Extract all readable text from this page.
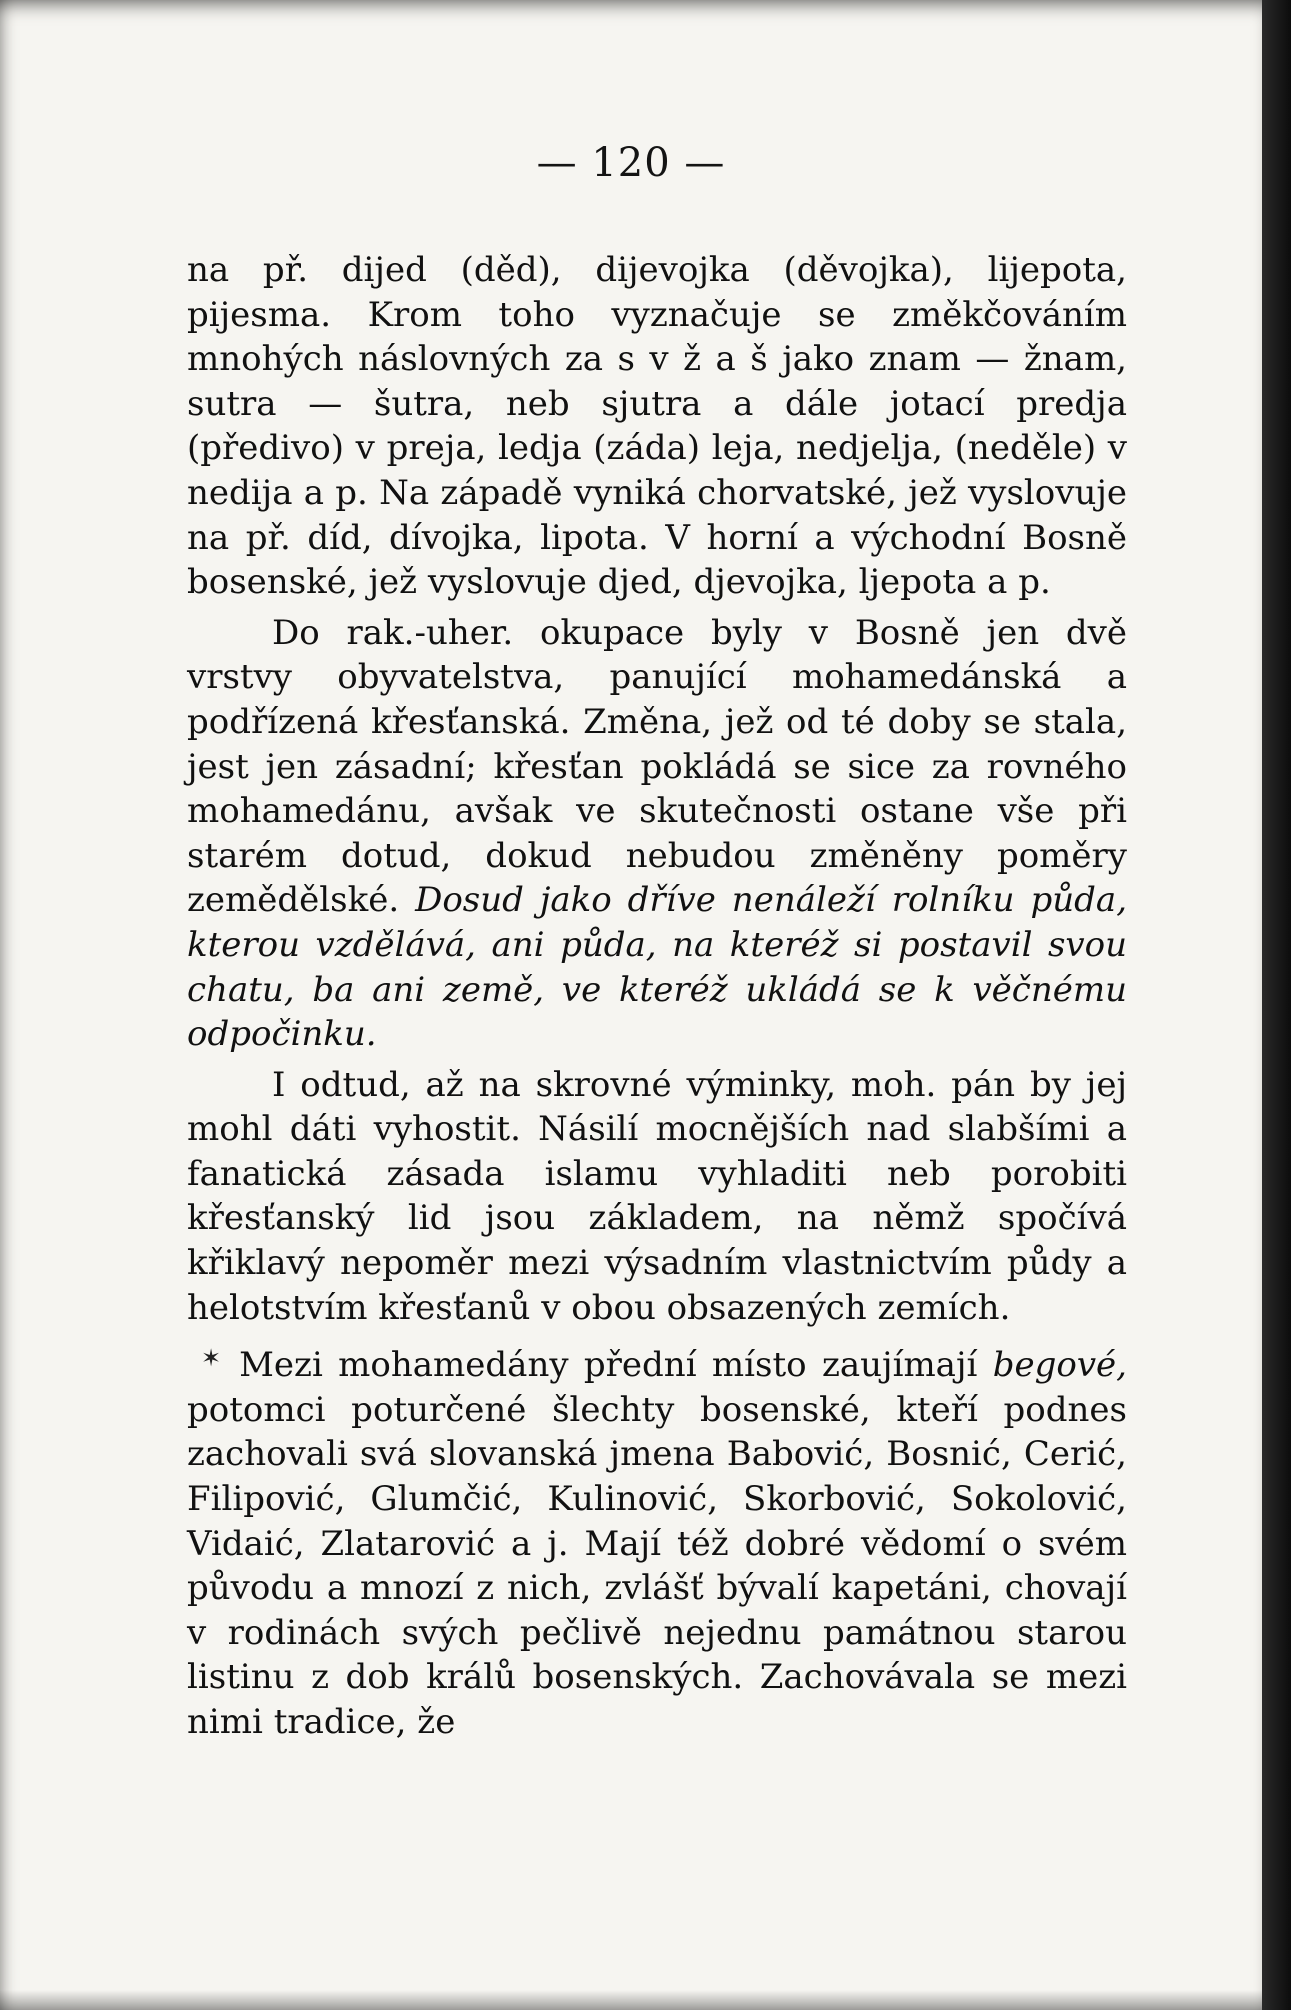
— 120 —

na př. dijed (děd), dijevojka (děvojka), lijepota, pijesma. Krom toho vyznačuje se změkčováním mnohých náslovných za s v ž a š jako znam — žnam, sutra — šutra, neb sjutra a dále jotací predja (předivo) v preja, ledja (záda) leja, nedjelja, (neděle) v nedija a p. Na západě vyniká chorvatské, jež vyslovuje na př. díd, dívojka, lipota. V horní a východní Bosně bosenské, jež vyslovuje djed, djevojka, ljepota a p.

Do rak.-uher. okupace byly v Bosně jen dvě vrstvy obyvatelstva, panující mohamedánská a podřízená křesťanská. Změna, jež od té doby se stala, jest jen zásadní; křesťan pokládá se sice za rovného mohamedánu, avšak ve skutečnosti ostane vše při starém dotud, dokud nebudou změněny poměry zemědělské. Dosud jako dříve nenáleží rolníku půda, kterou vzdělává, ani půda, na kteréž si postavil svou chatu, ba ani země, ve kteréž ukládá se k věčnému odpočinku.

I odtud, až na skrovné výminky, moh. pán by jej mohl dáti vyhostit. Násilí mocnějších nad slabšími a fanatická zásada islamu vyhladiti neb porobiti křesťanský lid jsou základem, na němž spočívá křiklavý nepoměr mezi výsadním vlastnictvím půdy a helotstvím křesťanů v obou obsazených zemích.

✶ Mezi mohamedány přední místo zaujímají begové, potomci poturčené šlechty bosenské, kteří podnes zachovali svá slovanská jmena Babović, Bosnić, Cerić, Filipović, Glumčić, Kulinović, Skorbović, Sokolović, Vidaić, Zlatarović a j. Mají též dobré vědomí o svém původu a mnozí z nich, zvlášť bývalí kapetáni, chovají v rodinách svých pečlivě nejednu památnou starou listinu z dob králů bosenských. Zachovávala se mezi nimi tradice, že
